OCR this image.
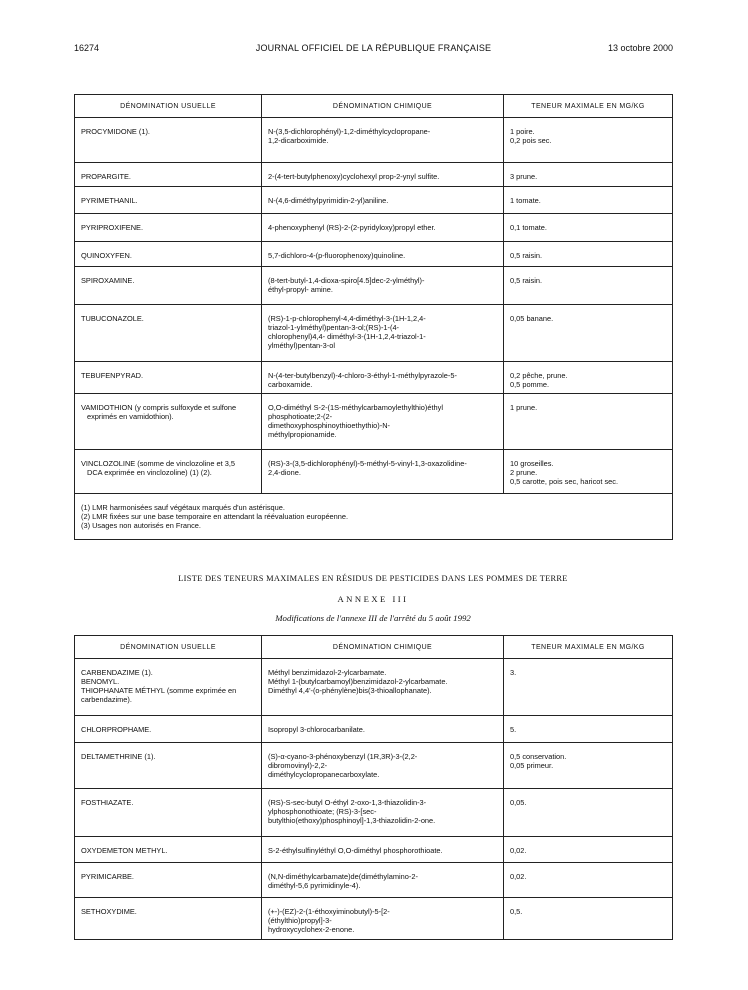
16274	JOURNAL OFFICIEL DE LA RÉPUBLIQUE FRANÇAISE	13 octobre 2000
DÉNOMINATION USUELLE	DÉNOMINATION CHIMIQUE	TENEUR MAXIMALE EN MG/KG

PROCYMIDONE (1).	N-(3,5-dichlorophényl)-1,2-diméthylcyclopropane-
1,2-dicarboximide.	1 poire.
0,2 pois sec.

PROPARGITE.	2-(4-tert-butylphenoxy)cyclohexyl prop-2-ynyl sulfite.	3 prune.

PYRIMETHANIL.	N-(4,6-diméthylpyrimidin-2-yl)aniline.	1 tomate.

PYRIPROXIFENE.	4-phenoxyphenyl (RS)-2-(2-pyridyloxy)propyl ether.	0,1 tomate.

QUINOXYFEN.	5,7-dichloro-4-(p-fluorophenoxy)quinoline.	0,5 raisin.

SPIROXAMINE.	(8-tert-butyl-1,4-dioxa-spiro[4.5]dec-2-ylméthyl)-
éthyl-propyl- amine.	0,5 raisin.

TUBUCONAZOLE.	(RS)-1-p-chlorophenyl-4,4-diméthyl-3-(1H-1,2,4-
triazol-1-ylméthyl)pentan-3-ol;(RS)-1-(4-
chlorophenyl)4,4- diméthyl-3-(1H-1,2,4-triazol-1-
ylméthyl)pentan-3-ol	0,05 banane.

TEBUFENPYRAD.	N-(4-ter-butylbenzyl)-4-chloro-3-éthyl-1-méthylpyrazole-5-
carboxamide.	0,2 pêche, prune.
0,5 pomme.

VAMIDOTHION (y compris sulfoxyde et sulfone
exprimés en vamidothion).	O,O-diméthyl S-2-(1S-méthylcarbamoylethylthio)éthyl
phosphotioate;2-(2-
dimethoxyphosphinoythioethythio)-N-
méthylpropionamide.	1 prune.

VINCLOZOLINE (somme de vinclozoline et 3,5
DCA exprimée en vinclozoline) (1) (2).	(RS)-3-(3,5-dichlorophényl)-5-méthyl-5-vinyl-1,3-oxazolidine-
2,4-dione.	10 groseilles.
2 prune.
0,5 carotte, pois sec, haricot sec.

(1) LMR harmonisées sauf végétaux marqués d'un astérisque.
(2) LMR fixées sur une base temporaire en attendant la réévaluation européenne.
(3) Usages non autorisés en France.		
LISTE DES TENEURS MAXIMALES EN RÉSIDUS DE PESTICIDES DANS LES POMMES DE TERRE
ANNEXE III
Modifications de l'annexe III de l'arrêté du 5 août 1992
DÉNOMINATION USUELLE	DÉNOMINATION CHIMIQUE	TENEUR MAXIMALE EN MG/KG

CARBENDAZIME (1).
BENOMYL.
THIOPHANATE MÉTHYL (somme exprimée en
carbendazime).	Méthyl benzimidazol-2-ylcarbamate.
Méthyl 1-(butylcarbamoyl)benzimidazol-2-ylcarbamate.
Diméthyl 4,4'-(o-phénylène)bis(3-thioallophanate).	3.

CHLORPROPHAME.	Isopropyl 3-chlorocarbanilate.	5.

DELTAMETHRINE (1).	(S)-α-cyano-3-phénoxybenzyl (1R,3R)-3-(2,2-
dibromovinyl)-2,2-
diméthylcyclopropanecarboxylate.	0,5 conservation.
0,05 primeur.

FOSTHIAZATE.	(RS)-S-sec-butyl O-éthyl 2-oxo-1,3-thiazolidin-3-
ylphosphonothioate; (RS)-3-[sec-
butylthio(ethoxy)phosphinoyl]-1,3-thiazolidin-2-one.	0,05.

OXYDEMETON METHYL.	S-2-éthylsulfinyléthyl O,O-diméthyl phosphorothioate.	0,02.

PYRIMICARBE.	(N,N-diméthylcarbamate)de(diméthylamino-2-
diméthyl-5,6 pyrimidinyle-4).	0,02.

SETHOXYDIME.	(+-)-(EZ)-2-(1-éthoxyiminobutyl)-5-[2-
(éthylthio)propyl]-3-
hydroxycyclohex-2-enone.	0,5.
